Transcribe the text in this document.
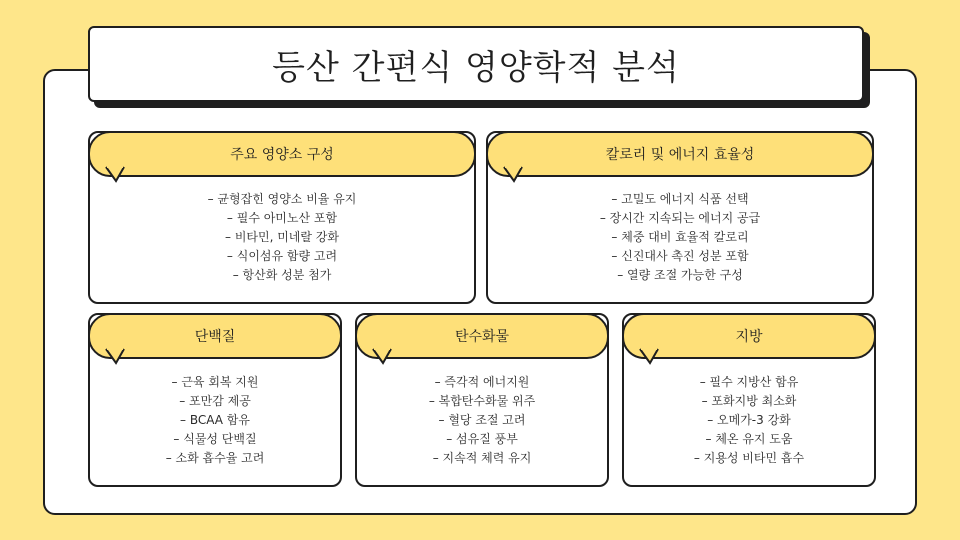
등산 간편식 영양학적 분석
주요 영양소 구성
– 균형잡힌 영양소 비율 유지
– 필수 아미노산 포함
– 비타민, 미네랄 강화
– 식이섬유 함량 고려
– 항산화 성분 첨가
칼로리 및 에너지 효율성
– 고밀도 에너지 식품 선택
– 장시간 지속되는 에너지 공급
– 체중 대비 효율적 칼로리
– 신진대사 촉진 성분 포함
– 열량 조절 가능한 구성
단백질
– 근육 회복 지원
– 포만감 제공
– BCAA 함유
– 식물성 단백질
– 소화 흡수율 고려
탄수화물
– 즉각적 에너지원
– 복합탄수화물 위주
– 혈당 조절 고려
– 섬유질 풍부
– 지속적 체력 유지
지방
– 필수 지방산 함유
– 포화지방 최소화
– 오메가-3 강화
– 체온 유지 도움
– 지용성 비타민 흡수
